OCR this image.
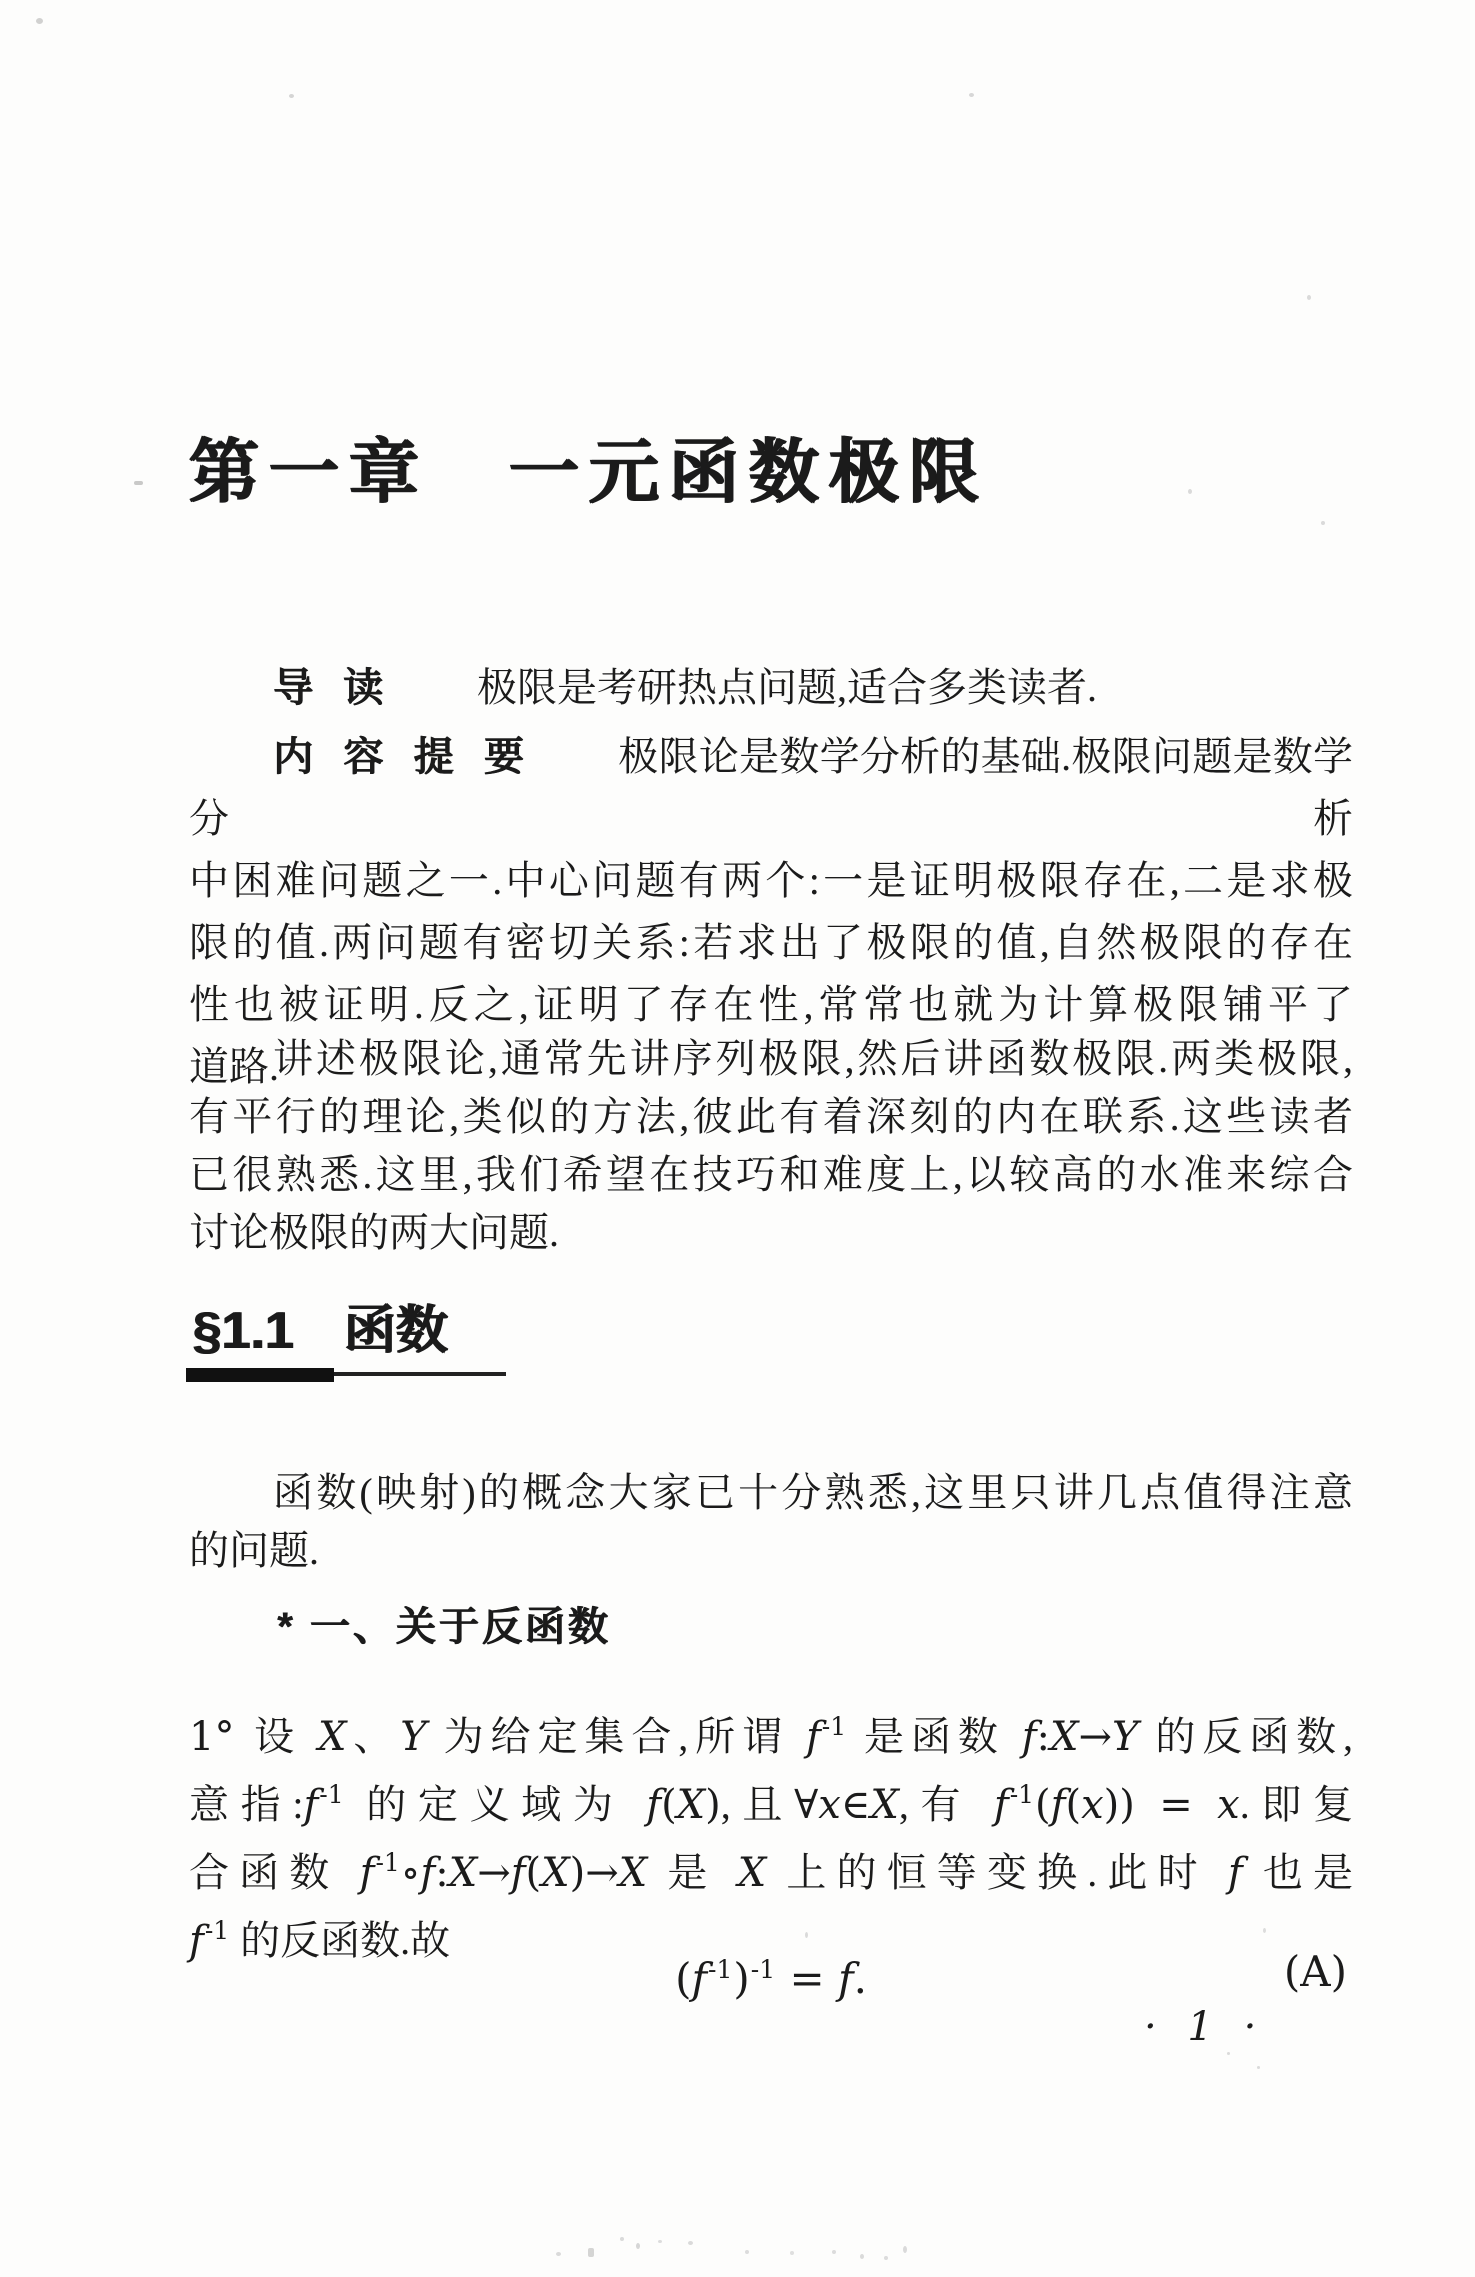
第一章　一元函数极限
导读 极限是考研热点问题,适合多类读者.
内容提要 极限论是数学分析的基础.极限问题是数学分析
中困难问题之一.中心问题有两个:一是证明极限存在,二是求极
限的值.两问题有密切关系:若求出了极限的值,自然极限的存在
性也被证明.反之,证明了存在性,常常也就为计算极限铺平了
道路.
讲述极限论,通常先讲序列极限,然后讲函数极限.两类极限,
有平行的理论,类似的方法,彼此有着深刻的内在联系.这些读者
已很熟悉.这里,我们希望在技巧和难度上,以较高的水准来综合
讨论极限的两大问题.
§1.1 函数
函数(映射)的概念大家已十分熟悉,这里只讲几点值得注意
的问题.
* 一、关于反函数
1° 设 X、Y 为给定集合,所谓 $f^{-1}$ 是函数 f:X→Y 的反函数,
意指$:f^{-1}$ 的定义域为 f(X),且∀x∈X,有 $f^{-1}(f(x)) = x$.即复
合函数 $f^{-1}\circ f:X\to f(X)\to X$ 是 X 上的恒等变换.此时 f 也是
$f^{-1}$ 的反函数.故
$(f^{-1})^{-1} = f$.	(A)
· 1 ·
